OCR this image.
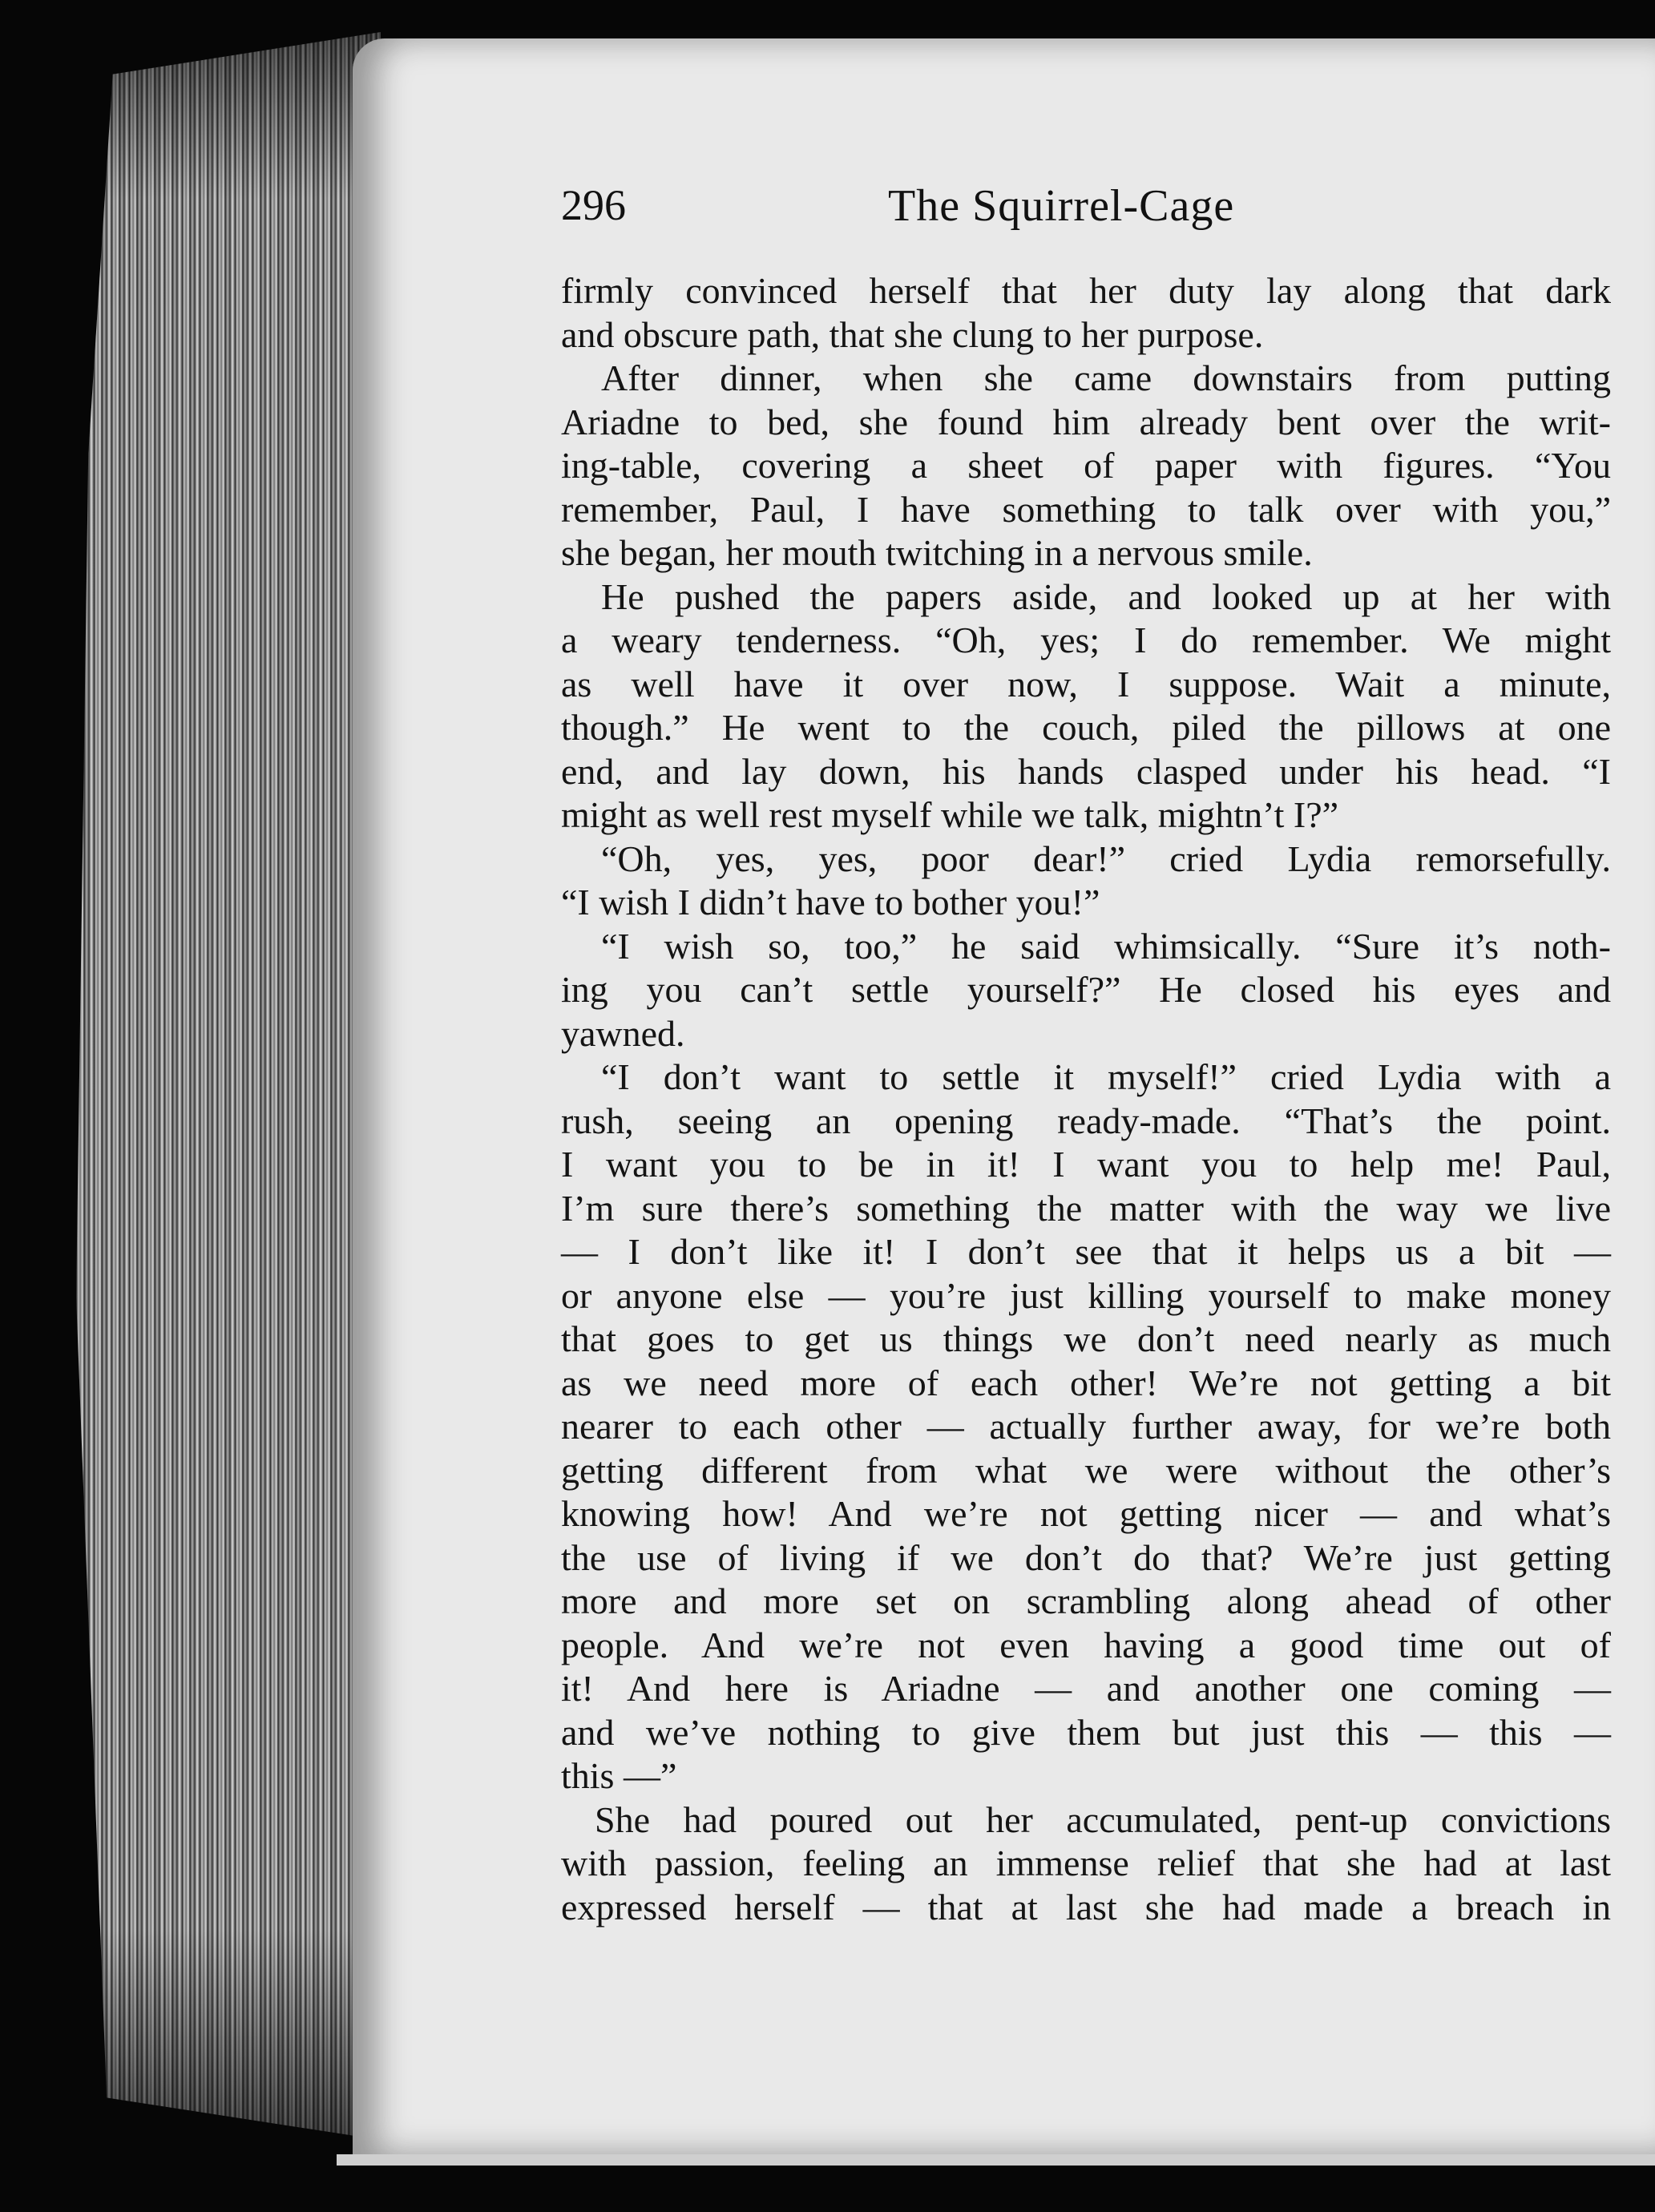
296	The Squirrel-Cage
firmly convinced herself that her duty lay along that dark
and obscure path, that she clung to her purpose.
After dinner, when she came downstairs from putting
Ariadne to bed, she found him already bent over the writ-
ing-table, covering a sheet of paper with figures. “You
remember, Paul, I have something to talk over with you,”
she began, her mouth twitching in a nervous smile.
He pushed the papers aside, and looked up at her with
a weary tenderness. “Oh, yes; I do remember. We might
as well have it over now, I suppose. Wait a minute,
though.” He went to the couch, piled the pillows at one
end, and lay down, his hands clasped under his head. “I
might as well rest myself while we talk, mightn’t I?”
“Oh, yes, yes, poor dear!” cried Lydia remorsefully.
“I wish I didn’t have to bother you!”
“I wish so, too,” he said whimsically. “Sure it’s noth-
ing you can’t settle yourself?” He closed his eyes and
yawned.
“I don’t want to settle it myself!” cried Lydia with a
rush, seeing an opening ready-made. “That’s the point.
I want you to be in it! I want you to help me! Paul,
I’m sure there’s something the matter with the way we live
— I don’t like it! I don’t see that it helps us a bit —
or anyone else — you’re just killing yourself to make money
that goes to get us things we don’t need nearly as much
as we need more of each other! We’re not getting a bit
nearer to each other — actually further away, for we’re both
getting different from what we were without the other’s
knowing how! And we’re not getting nicer — and what’s
the use of living if we don’t do that? We’re just getting
more and more set on scrambling along ahead of other
people. And we’re not even having a good time out of
it! And here is Ariadne — and another one coming —
and we’ve nothing to give them but just this — this —
this —”
She had poured out her accumulated, pent-up convictions
with passion, feeling an immense relief that she had at last
expressed herself — that at last she had made a breach in
